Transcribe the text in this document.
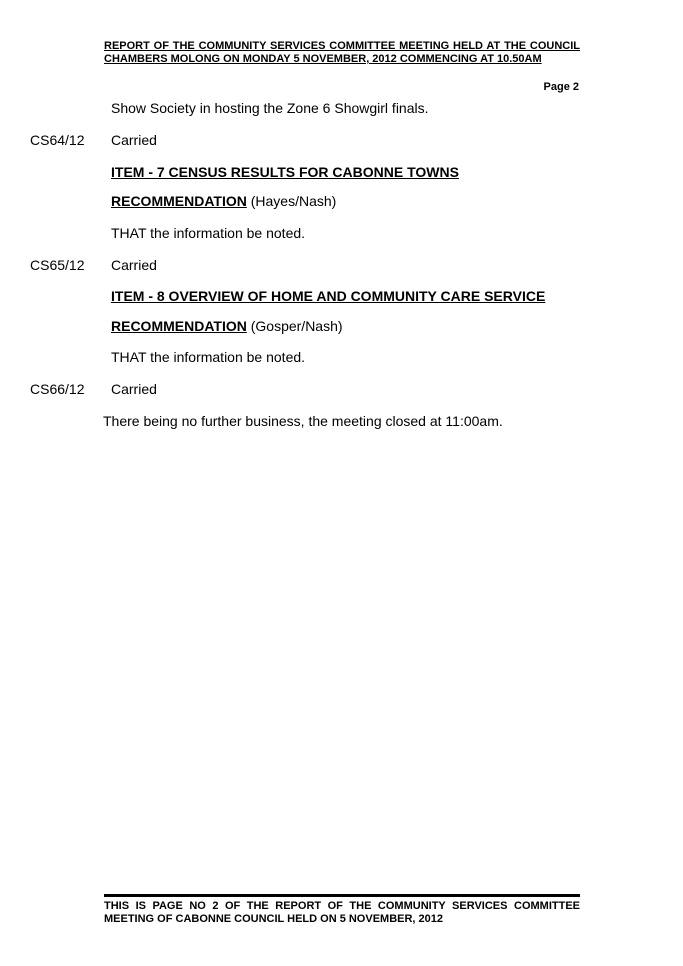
REPORT OF THE COMMUNITY SERVICES COMMITTEE MEETING HELD AT THE COUNCIL CHAMBERS MOLONG ON MONDAY 5 NOVEMBER, 2012 COMMENCING AT 10.50AM

Page 2

Show Society in hosting the Zone 6 Showgirl finals.

CS64/12 Carried

ITEM - 7 CENSUS RESULTS FOR CABONNE TOWNS

RECOMMENDATION (Hayes/Nash)

THAT the information be noted.

CS65/12 Carried

ITEM - 8 OVERVIEW OF HOME AND COMMUNITY CARE SERVICE

RECOMMENDATION (Gosper/Nash)

THAT the information be noted.

CS66/12 Carried

There being no further business, the meeting closed at 11:00am.

THIS IS PAGE NO 2 OF THE REPORT OF THE COMMUNITY SERVICES COMMITTEE MEETING OF CABONNE COUNCIL HELD ON 5 NOVEMBER, 2012
